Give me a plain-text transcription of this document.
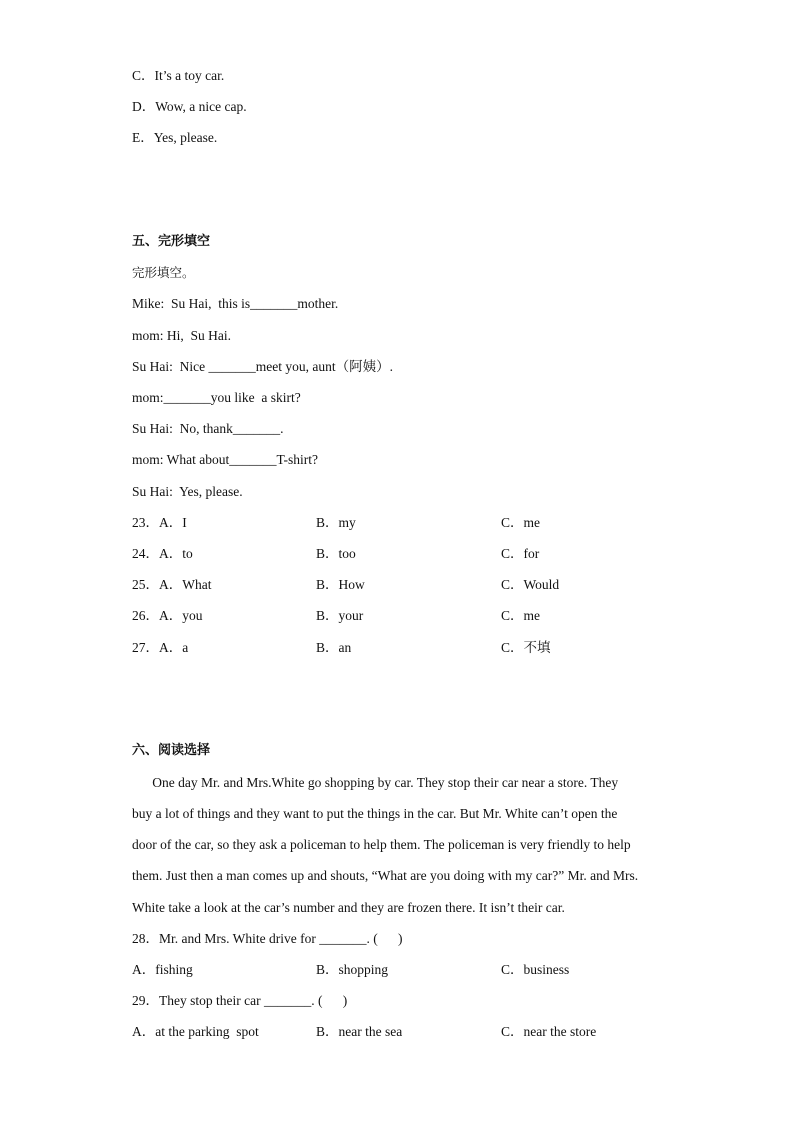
C．It’s a toy car.
D．Wow, a nice cap.
E．Yes, please.
五、完形填空
完形填空。
Mike:  Su Hai,  this is_______mother.
mom: Hi,  Su Hai.
Su Hai:  Nice _______meet you, aunt（阿姨）.
mom:_______you like  a skirt?
Su Hai:  No, thank_______.
mom: What about_______T-shirt?
Su Hai:  Yes, please.
23．A．I	B．my	C．me
24．A．to	B．too	C．for
25．A．What	B．How	C．Would
26．A．you	B．your	C．me
27．A．a	B．an	C．不填
六、阅读选择
One day Mr. and Mrs.White go shopping by car. They stop their car near a store. They
buy a lot of things and they want to put the things in the car. But Mr. White can’t open the
door of the car, so they ask a policeman to help them. The policeman is very friendly to help
them. Just then a man comes up and shouts, “What are you doing with my car?” Mr. and Mrs.
White take a look at the car’s number and they are frozen there. It isn’t their car.
28．Mr. and Mrs. White drive for _______. (      )
A．fishing	B．shopping	C．business
29．They stop their car _______. (      )
A．at the parking  spot	B．near the sea	C．near the store
